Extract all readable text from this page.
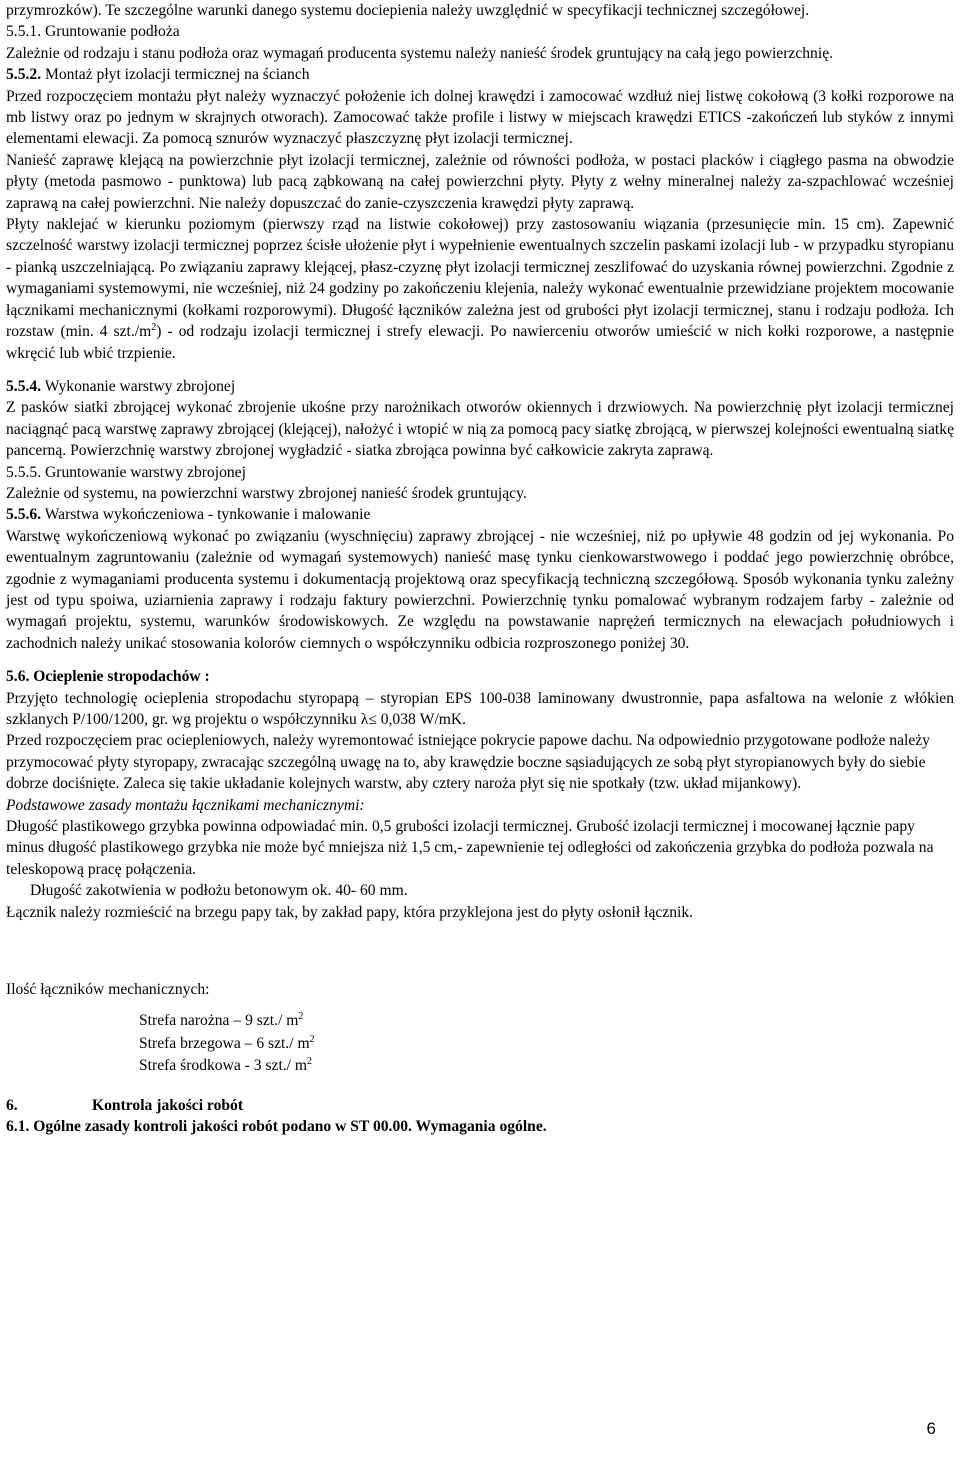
przymrozków). Te szczególne warunki danego systemu dociepienia należy uwzględnić w specyfikacji technicznej szczegółowej.

5.5.1. Gruntowanie podłoża

Zależnie od rodzaju i stanu podłoża oraz wymagań producenta systemu należy nanieść środek gruntujący na całą jego powierzchnię.

5.5.2. Montaż płyt izolacji termicznej na ścianch

Przed rozpoczęciem montażu płyt należy wyznaczyć położenie ich dolnej krawędzi i zamocować wzdłuż niej listwę cokołową (3 kołki rozporowe na mb listwy oraz po jednym w skrajnych otworach). Zamocować także profile i listwy w miejscach krawędzi ETICS -zakończeń lub styków z innymi elementami elewacji. Za pomocą sznurów wyznaczyć płaszczyznę płyt izolacji termicznej.

Nanieść zaprawę klejącą na powierzchnie płyt izolacji termicznej, zależnie od równości podłoża, w postaci placków i ciągłego pasma na obwodzie płyty (metoda pasmowo - punktowa) lub pacą ząbkowaną na całej powierzchni płyty. Płyty z wełny mineralnej należy za-szpachlować wcześniej zaprawą na całej powierzchni. Nie należy dopuszczać do zanie-czyszczenia krawędzi płyty zaprawą.

Płyty naklejać w kierunku poziomym (pierwszy rząd na listwie cokołowej) przy zastosowaniu wiązania (przesunięcie min. 15 cm). Zapewnić szczelność warstwy izolacji termicznej poprzez ścisłe ułożenie płyt i wypełnienie ewentualnych szczelin paskami izolacji lub - w przypadku styropianu - pianką uszczelniającą. Po związaniu zaprawy klejącej, płasz-czyznę płyt izolacji termicznej zeszlifować do uzyskania równej powierzchni. Zgodnie z wymaganiami systemowymi, nie wcześniej, niż 24 godziny po zakończeniu klejenia, należy wykonać ewentualnie przewidziane projektem mocowanie łącznikami mechanicznymi (kołkami rozporowymi). Długość łączników zależna jest od grubości płyt izolacji termicznej, stanu i rodzaju podłoża. Ich rozstaw (min. 4 $szt./m^2$) - od rodzaju izolacji termicznej i strefy elewacji. Po nawierceniu otworów umieścić w nich kołki rozporowe, a następnie wkręcić lub wbić trzpienie.

5.5.4. Wykonanie warstwy zbrojonej

Z pasków siatki zbrojącej wykonać zbrojenie ukośne przy narożnikach otworów okiennych i drzwiowych. Na powierzchnię płyt izolacji termicznej naciągnąć pacą warstwę zaprawy zbrojącej (klejącej), nałożyć i wtopić w nią za pomocą pacy siatkę zbrojącą, w pierwszej kolejności ewentualną siatkę pancerną. Powierzchnię warstwy zbrojonej wygładzić - siatka zbrojąca powinna być całkowicie zakryta zaprawą.

5.5.5. Gruntowanie warstwy zbrojonej

Zależnie od systemu, na powierzchni warstwy zbrojonej nanieść środek gruntujący.

5.5.6. Warstwa wykończeniowa - tynkowanie i malowanie

Warstwę wykończeniową wykonać po związaniu (wyschnięciu) zaprawy zbrojącej - nie wcześniej, niż po upływie 48 godzin od jej wykonania. Po ewentualnym zagruntowaniu (zależnie od wymagań systemowych) nanieść masę tynku cienkowarstwowego i poddać jego powierzchnię obróbce, zgodnie z wymaganiami producenta systemu i dokumentacją projektową oraz specyfikacją techniczną szczegółową. Sposób wykonania tynku zależny jest od typu spoiwa, uziarnienia zaprawy i rodzaju faktury powierzchni. Powierzchnię tynku pomalować wybranym rodzajem farby - zależnie od wymagań projektu, systemu, warunków środowiskowych. Ze względu na powstawanie naprężeń termicznych na elewacjach południowych i zachodnich należy unikać stosowania kolorów ciemnych o współczynniku odbicia rozproszonego poniżej 30.

5.6. Ocieplenie stropodachów :

Przyjęto technologię ocieplenia stropodachu styropapą – styropian EPS 100-038 laminowany dwustronnie, papa asfaltowa na welonie z włókien szklanych P/100/1200, gr. wg projektu o współczynniku λ≤ 0,038 W/mK.

Przed rozpoczęciem prac ociepleniowych, należy wyremontować istniejące pokrycie papowe dachu. Na odpowiednio przygotowane podłoże należy przymocować płyty styropapy, zwracając szczególną uwagę na to, aby krawędzie boczne sąsiadujących ze sobą płyt styropianowych były do siebie dobrze dociśnięte. Zaleca się takie układanie kolejnych warstw, aby cztery naroża płyt się nie spotkały (tzw. układ mijankowy).

Podstawowe zasady montażu łącznikami mechanicznymi:

Długość plastikowego grzybka powinna odpowiadać min. 0,5 grubości izolacji termicznej. Grubość izolacji termicznej i mocowanej łącznie papy minus długość plastikowego grzybka nie może być mniejsza niż 1,5 cm,- zapewnienie tej odległości od zakończenia grzybka do podłoża pozwala na teleskopową pracę połączenia.

Długość zakotwienia w podłożu betonowym ok. 40- 60 mm.

Łącznik należy rozmieścić na brzegu papy tak, by zakład papy, która przyklejona jest do płyty osłonił łącznik.

Ilość łączników mechanicznych:

Strefa narożna – 9 szt./ $m^2$
Strefa brzegowa – 6 szt./ $m^2$
Strefa środkowa - 3 szt./ $m^2$

6.	Kontrola jakości robót

6.1. Ogólne zasady kontroli jakości robót podano w ST 00.00. Wymagania ogólne.

6
